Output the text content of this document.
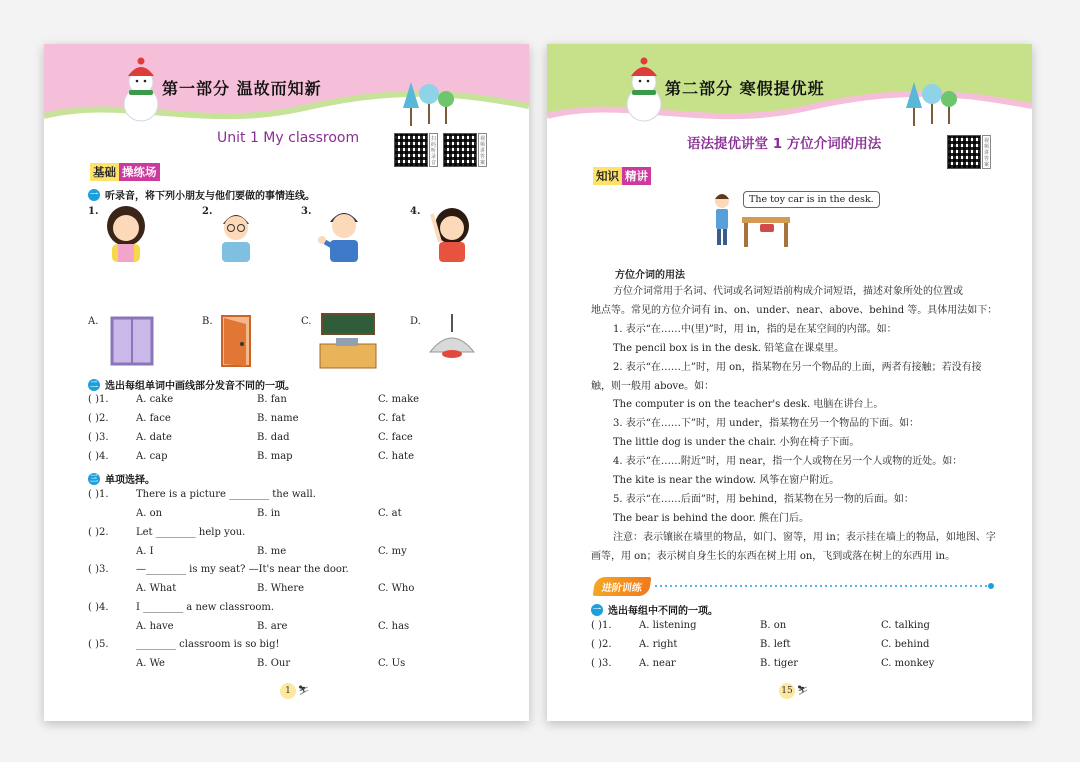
第一部分 温故而知新
Unit 1 My classroom	扫码听录音
视频讲答案
基础 操练场
一 听录音，将下列小朋友与他们要做的事情连线。
1.	2.	3.	4.
A.	B.	C.	D.
二 选出每组单词中画线部分发音不同的一项。
( )1.	A. cake	B. fan	C. make
( )2.	A. face	B. name	C. fat
( )3.	A. date	B. dad	C. face
( )4.	A. cap	B. map	C. hate
三 单项选择。
( )1.	There is a picture ________ the wall.
A. on	B. in	C. at
( )2.	Let ________ help you.
A. I	B. me	C. my
( )3.	—________ is my seat? —It's near the door.
A. What	B. Where	C. Who
( )4.	I ________ a new classroom.
A. have	B. are	C. has
( )5.	________ classroom is so big!
A. We	B. Our	C. Us
1 ⛷
第二部分 寒假提优班
语法提优讲堂 1 方位介词的用法	视频讲答案
知识 精讲
The toy car is in the desk.
方位介词的用法
方位介词常用于名词、代词或名词短语前构成介词短语，描述对象所处的位置或
地点等。常见的方位介词有 in、on、under、near、above、behind 等。具体用法如下：
1. 表示“在……中(里)”时，用 in，指的是在某空间的内部。如：
The pencil box is in the desk. 铅笔盒在课桌里。
2. 表示“在……上”时，用 on，指某物在另一个物品的上面，两者有接触；若没有接
触，则一般用 above。如：
The computer is on the teacher's desk. 电脑在讲台上。
3. 表示“在……下”时，用 under，指某物在另一个物品的下面。如：
The little dog is under the chair. 小狗在椅子下面。
4. 表示“在……附近”时，用 near，指一个人或物在另一个人或物的近处。如：
The kite is near the window. 风筝在窗户附近。
5. 表示“在……后面”时，用 behind，指某物在另一物的后面。如：
The bear is behind the door. 熊在门后。
注意：表示镶嵌在墙里的物品，如门、窗等，用 in；表示挂在墙上的物品，如地图、字
画等，用 on；表示树自身生长的东西在树上用 on，飞到或落在树上的东西用 in。
进阶训练
一 选出每组中不同的一项。
( )1.	A. listening	B. on	C. talking
( )2.	A. right	B. left	C. behind
( )3.	A. near	B. tiger	C. monkey
15 ⛷
